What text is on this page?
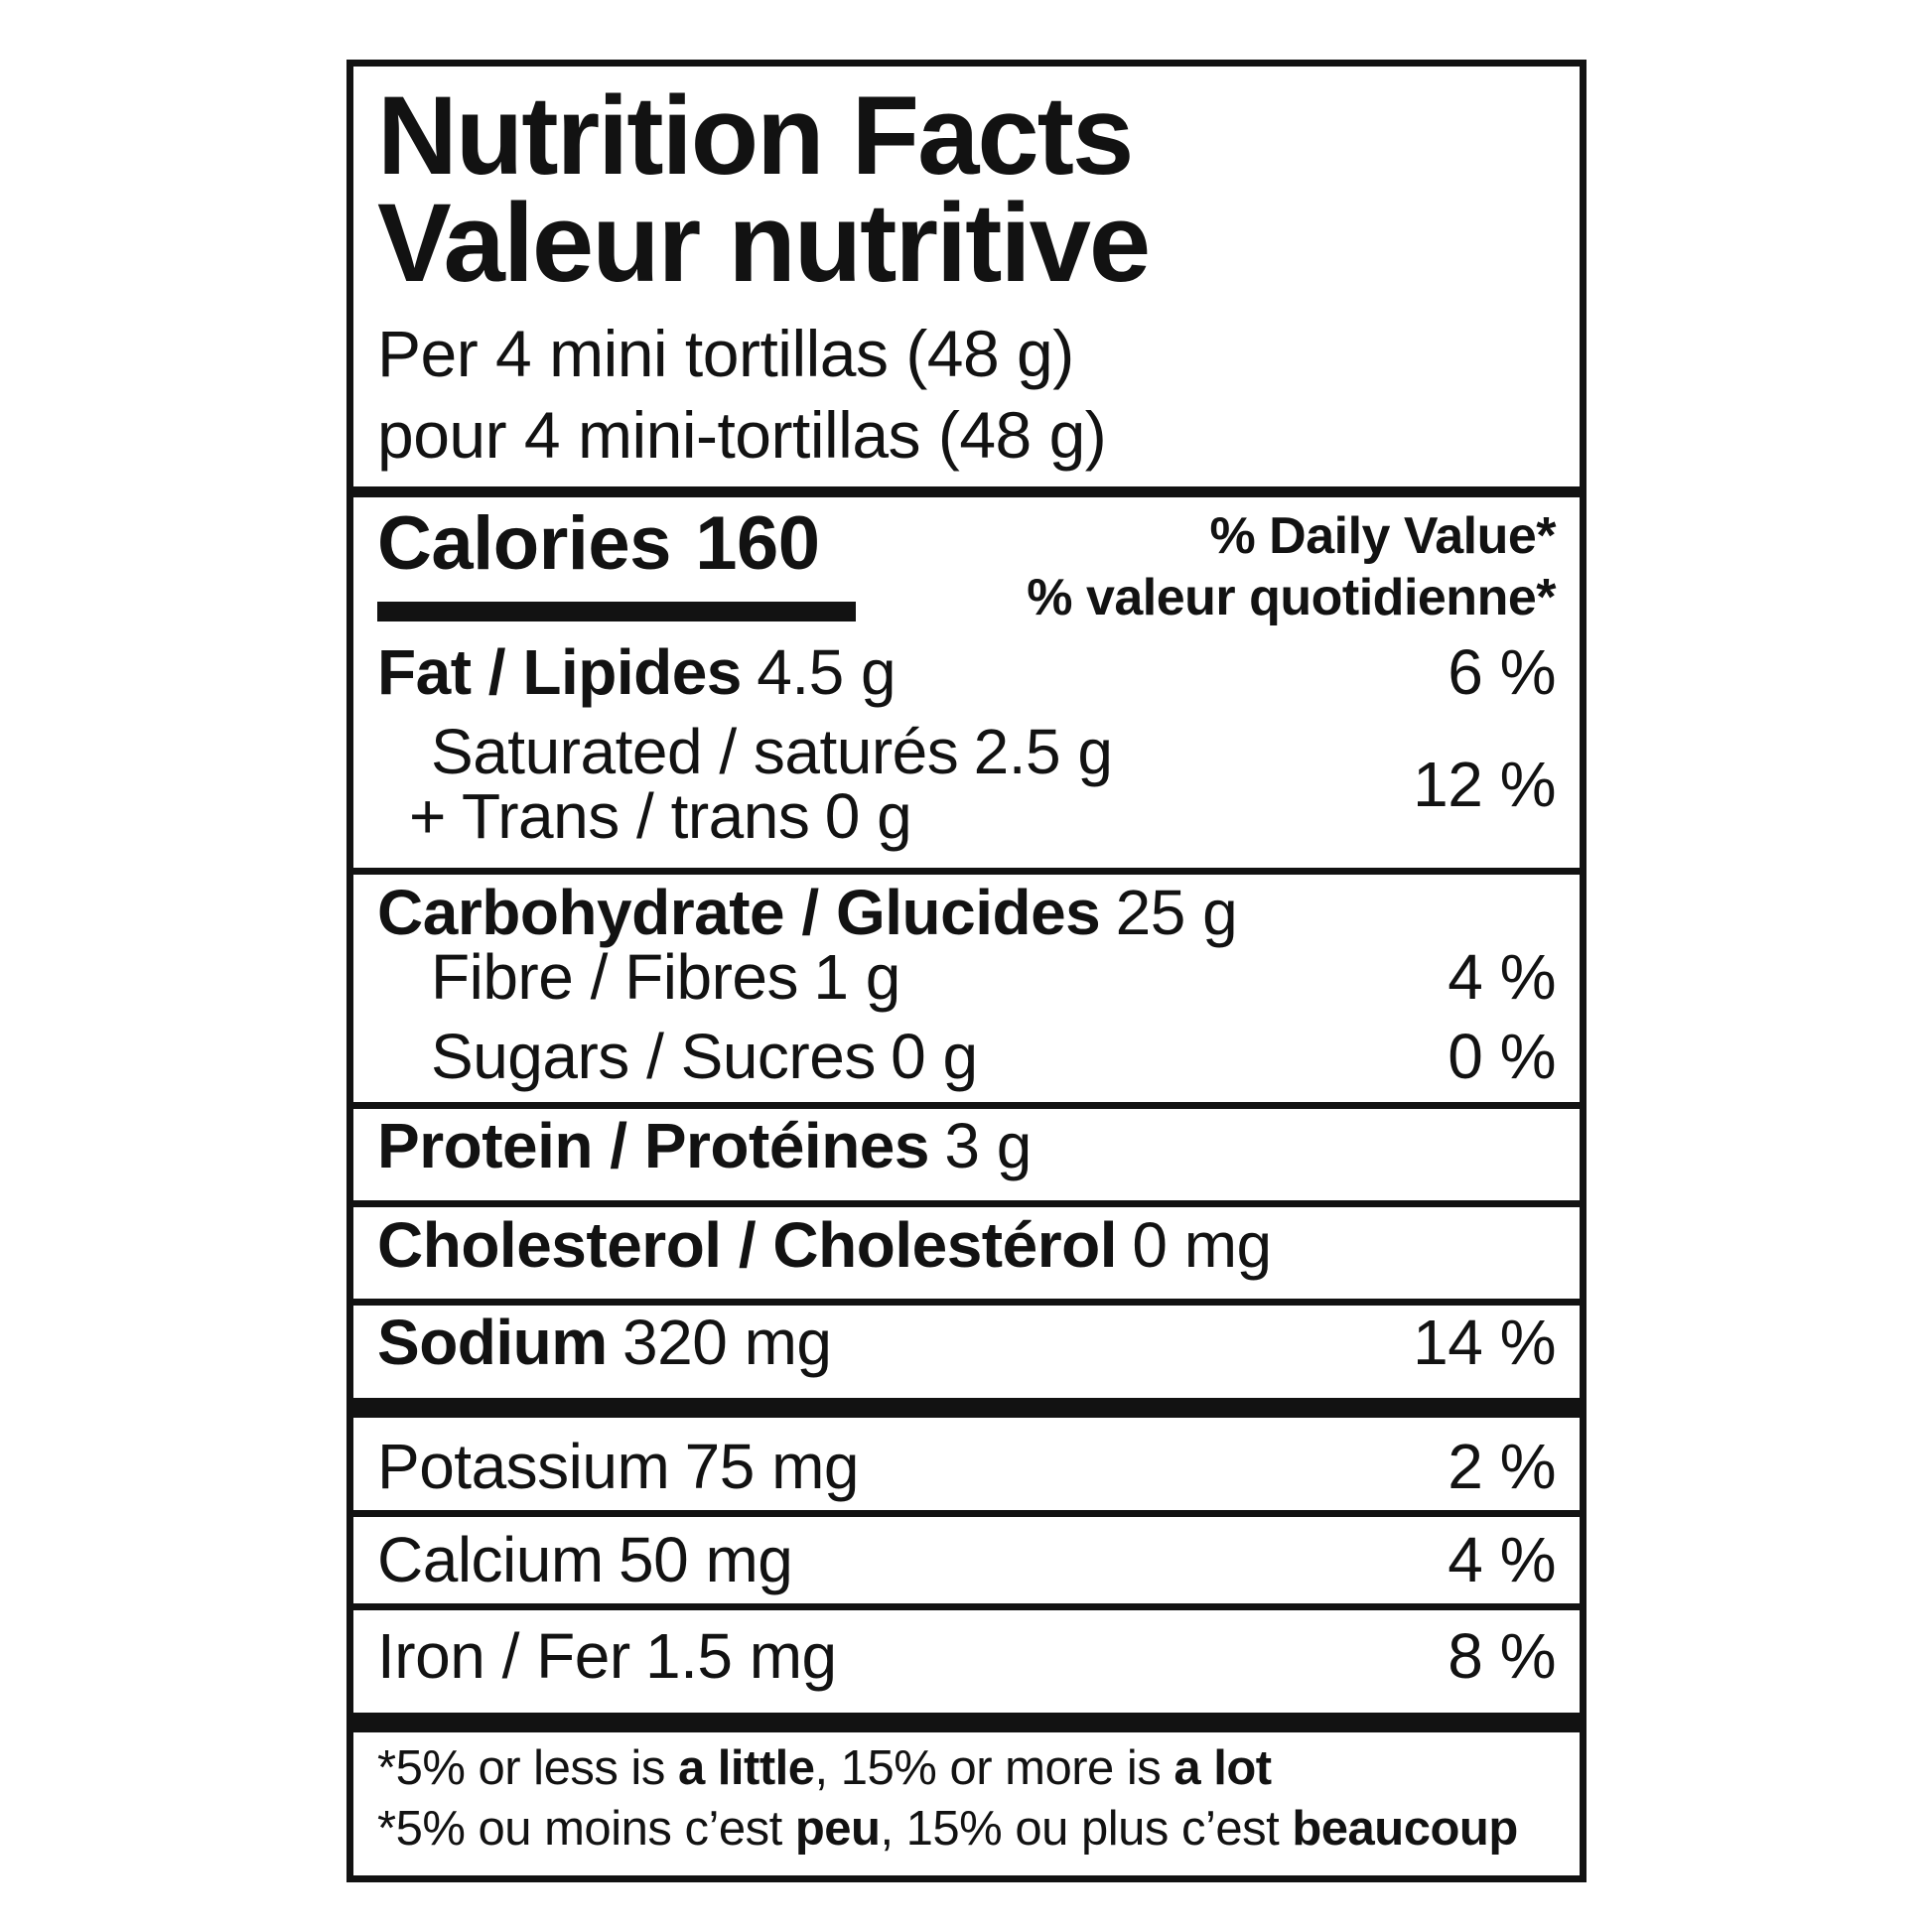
Nutrition Facts
Valeur nutritive
Per 4 mini tortillas (48 g)
pour 4 mini-tortillas (48 g)
Calories 160	% Daily Value*
% valeur quotidienne*
Fat / Lipides 4.5 g	6 %
Saturated / saturés 2.5 g
+ Trans / trans 0 g	12 %
Carbohydrate / Glucides 25 g
Fibre / Fibres 1 g	4 %
Sugars / Sucres 0 g	0 %
Protein / Protéines 3 g
Cholesterol / Cholestérol 0 mg
Sodium 320 mg	14 %
Potassium 75 mg	2 %
Calcium 50 mg	4 %
Iron / Fer 1.5 mg	8 %
*5% or less is a little, 15% or more is a lot
*5% ou moins c’est peu, 15% ou plus c’est beaucoup
